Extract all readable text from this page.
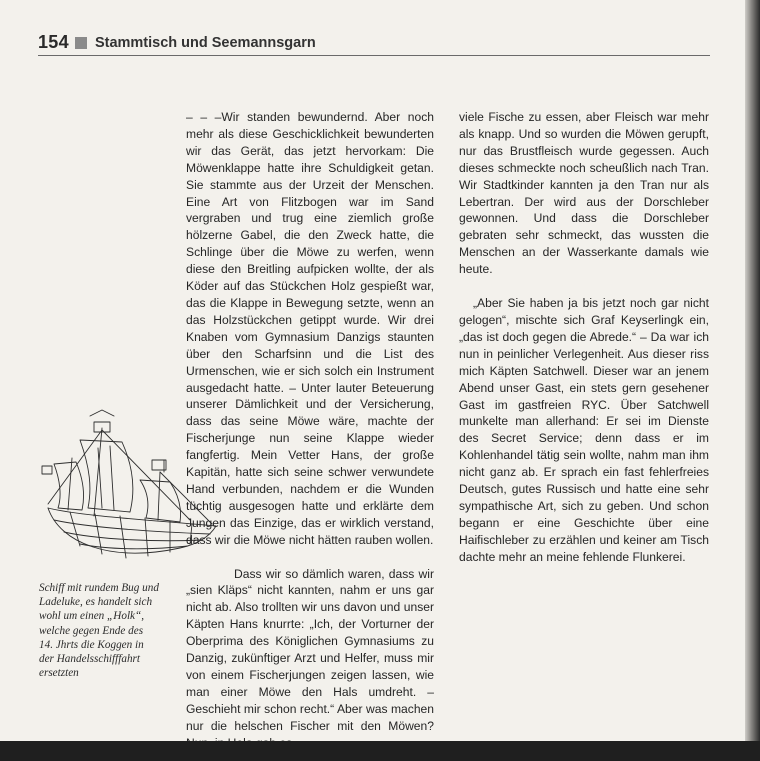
154 Stammtisch und Seemannsgarn
Schiff mit rundem Bug und Ladeluke, es handelt sich wohl um einen „Holk“, welche gegen Ende des 14. Jhrts die Koggen in der Handelsschifffahrt ersetzten

– – –Wir standen bewundernd. Aber noch mehr als diese Geschicklichkeit bewunderten wir das Gerät, das jetzt hervorkam: Die Möwenklappe hatte ihre Schuldigkeit getan. Sie stammte aus der Urzeit der Menschen. Eine Art von Flitzbogen war im Sand vergraben und trug eine ziemlich große hölzerne Gabel, die den Zweck hatte, die Schlinge über die Möwe zu werfen, wenn diese den Breitling aufpicken wollte, der als Köder auf das Stückchen Holz gespießt war, das die Klappe in Bewegung setzte, wenn an das Holzstückchen getippt wurde. Wir drei Knaben vom Gymnasium Danzigs staunten über den Scharfsinn und die List des Urmenschen, wie er sich solch ein Instrument ausgedacht hatte. – Unter lauter Beteuerung unserer Dämlichkeit und der Versicherung, dass das seine Möwe wäre, machte der Fischerjunge nun seine Klappe wieder fangfertig. Mein Vetter Hans, der große Kapitän, hatte sich seine schwer verwundete Hand verbunden, nachdem er die Wunden tüchtig ausgesogen hatte und erklärte dem Jungen das Einzige, das er wirklich verstand, dass wir die Möwe nicht hätten rauben wollen.

Dass wir so dämlich waren, dass wir „sien Kläps“ nicht kannten, nahm er uns gar nicht ab. Also trollten wir uns davon und unser Käpten Hans knurrte: „Ich, der Vorturner der Oberprima des Königlichen Gymnasiums zu Danzig, zukünftiger Arzt und Helfer, muss mir von einem Fischerjungen zeigen lassen, wie man einer Möwe den Hals umdreht. – Geschieht mir schon recht.“ Aber was machen nur die helschen Fischer mit den Möwen?

viele Fische zu essen, aber Fleisch war mehr als knapp. Und so wurden die Möwen gerupft, nur das Brustfleisch wurde gegessen. Auch dieses schmeckte noch scheußlich nach Tran. Wir Stadtkinder kannten ja den Tran nur als Lebertran. Der wird aus der Dorschleber gewonnen. Und dass die Dorschleber gebraten sehr schmeckt, das wussten die Menschen an der Wasserkante damals wie heute.

„Aber Sie haben ja bis jetzt noch gar nicht gelogen“, mischte sich Graf Keyserlingk ein, „das ist doch gegen die Abrede.“ – Da war ich nun in peinlicher Verlegenheit. Aus dieser riss mich Käpten Satchwell. Dieser war an jenem Abend unser Gast, ein stets gern gesehener Gast im gastfreien RYC. Über Satchwell munkelte man allerhand: Er sei im Dienste des Secret Service; denn dass er im Kohlenhandel tätig sein wollte, nahm man ihm nicht ganz ab. Er sprach ein fast fehlerfreies Deutsch, gutes Russisch und hatte eine sehr sympathische Art, sich zu geben. Und schon begann er eine Geschichte über eine Haifischleber zu erzählen und keiner am Tisch dachte mehr an meine fehlende Flunkerei.
